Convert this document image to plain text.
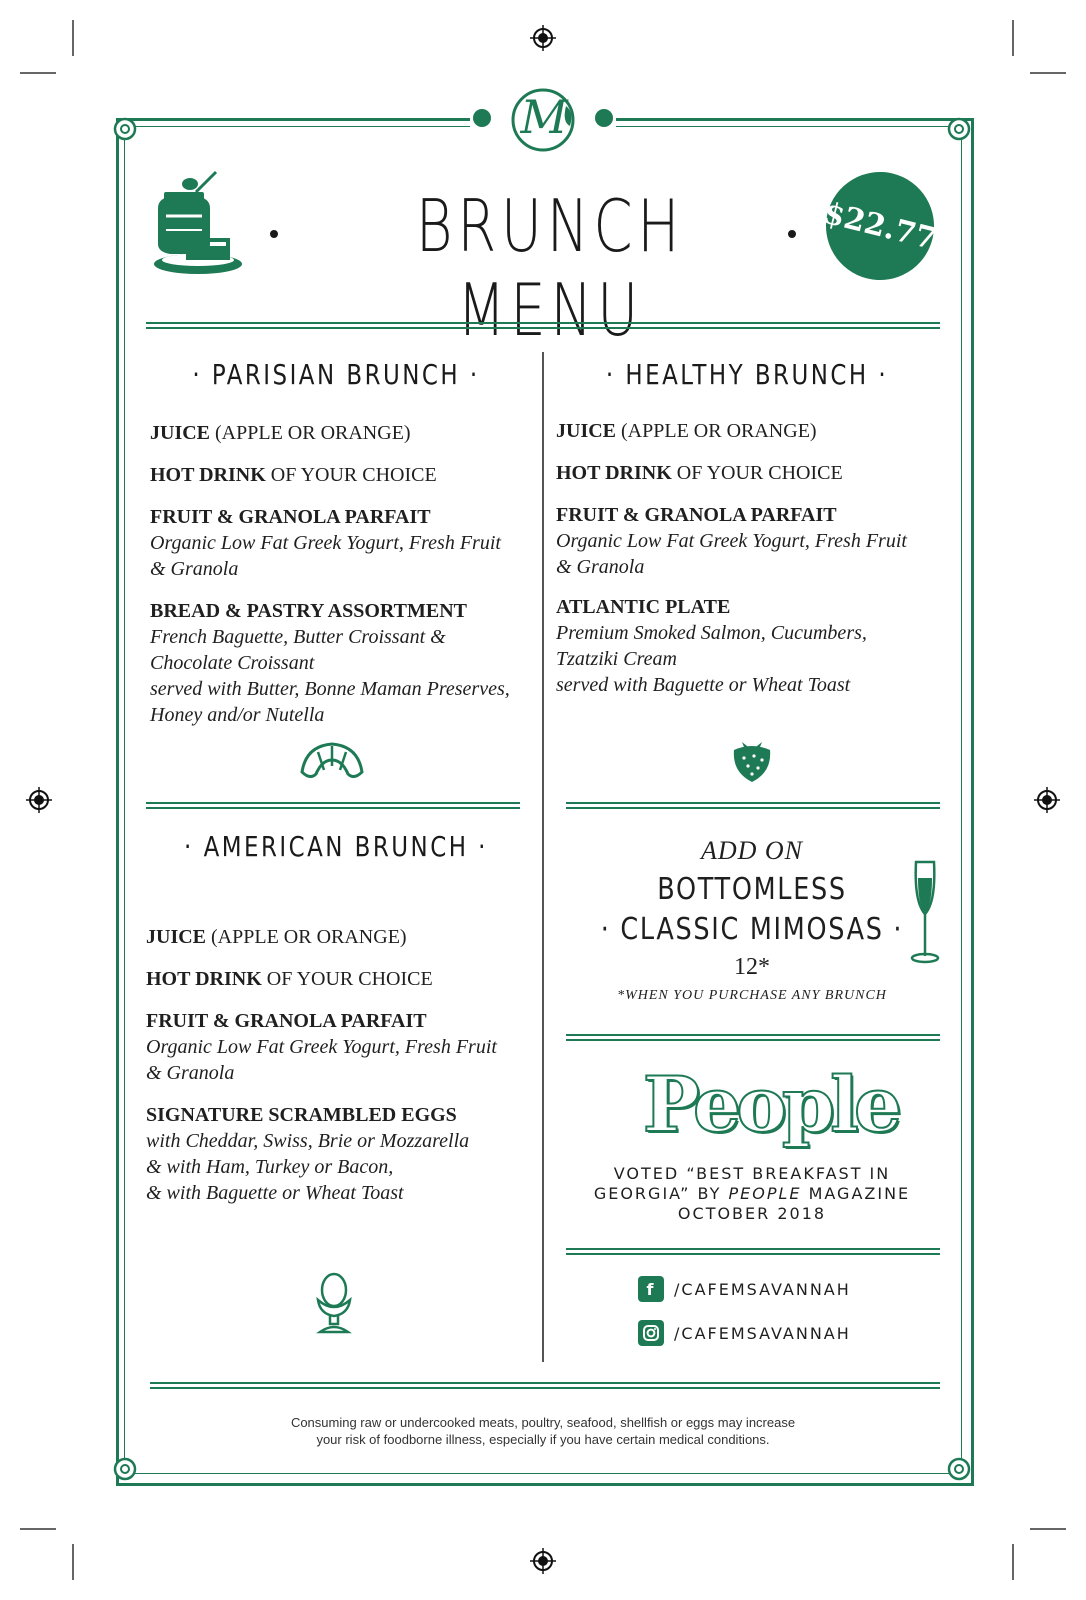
M
BRUNCH MENU
$22.77
· PARISIAN BRUNCH ·
JUICE (APPLE OR ORANGE)
HOT DRINK OF YOUR CHOICE
FRUIT & GRANOLA PARFAIT
Organic Low Fat Greek Yogurt, Fresh Fruit
& Granola
BREAD & PASTRY ASSORTMENT
French Baguette, Butter Croissant &
Chocolate Croissant
served with Butter, Bonne Maman Preserves,
Honey and/or Nutella
· HEALTHY BRUNCH ·
JUICE (APPLE OR ORANGE)
HOT DRINK OF YOUR CHOICE
FRUIT & GRANOLA PARFAIT
Organic Low Fat Greek Yogurt, Fresh Fruit
& Granola
ATLANTIC PLATE
Premium Smoked Salmon, Cucumbers,
Tzatziki Cream
served with Baguette or Wheat Toast
· AMERICAN BRUNCH ·
JUICE (APPLE OR ORANGE)
HOT DRINK OF YOUR CHOICE
FRUIT & GRANOLA PARFAIT
Organic Low Fat Greek Yogurt, Fresh Fruit
& Granola
SIGNATURE SCRAMBLED EGGS
with Cheddar, Swiss, Brie or Mozzarella
& with Ham, Turkey or Bacon,
& with Baguette or Wheat Toast
ADD ON
BOTTOMLESS
· CLASSIC MIMOSAS ·
12*
*WHEN YOU PURCHASE ANY BRUNCH
People
VOTED “BEST BREAKFAST IN
GEORGIA” BY PEOPLE MAGAZINE
OCTOBER 2018
f	/CAFEMSAVANNAH
/CAFEMSAVANNAH
Consuming raw or undercooked meats, poultry, seafood, shellfish or eggs may increase
your risk of foodborne illness, especially if you have certain medical conditions.
